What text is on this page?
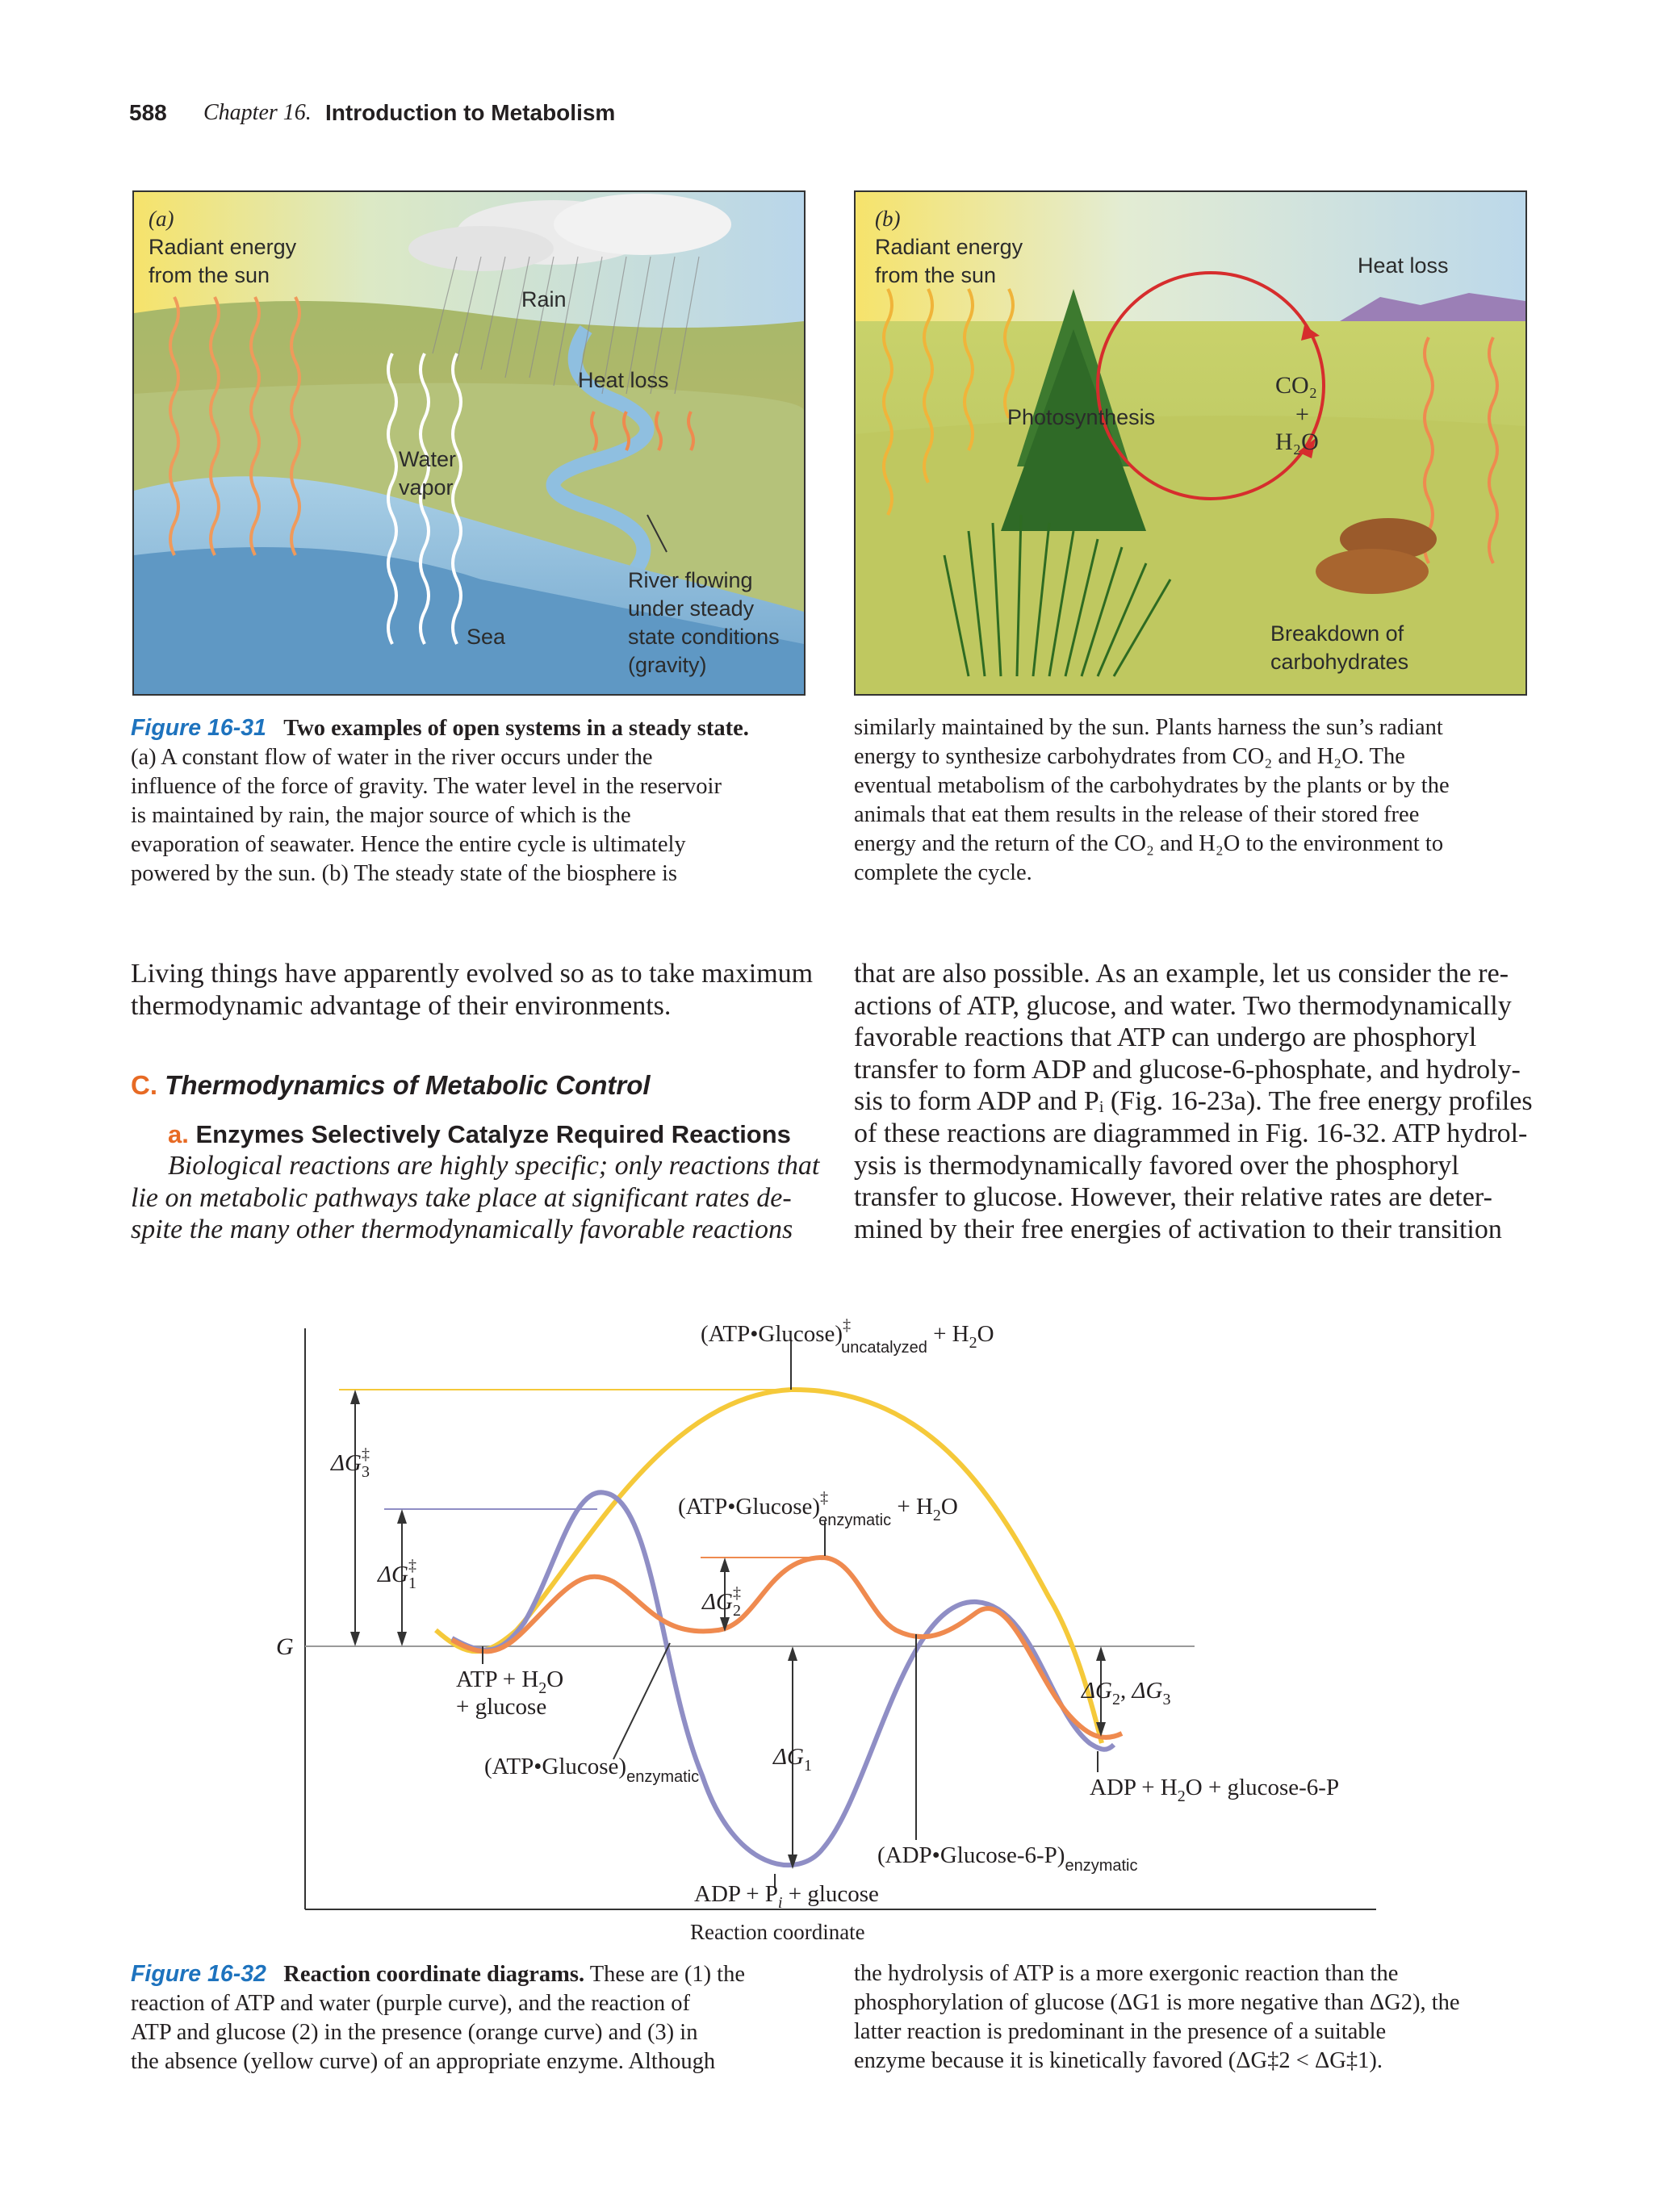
588 Chapter 16. Introduction to Metabolism
(a)
Radiant energy
from the sun
Rain
Heat loss
Water
vapor
River flowing
under steady
state conditions
(gravity)
Sea
(b)
Radiant energy
from the sun	Heat loss
Photosynthesis
CO₂
+
H₂O
Breakdown of
carbohydrates
Figure 16-31 Two examples of open systems in a steady state.
(a) A constant flow of water in the river occurs under the
influence of the force of gravity. The water level in the reservoir
is maintained by rain, the major source of which is the
evaporation of seawater. Hence the entire cycle is ultimately
powered by the sun. (b) The steady state of the biosphere is
similarly maintained by the sun. Plants harness the sun’s radiant
energy to synthesize carbohydrates from CO₂ and H₂O. The
eventual metabolism of the carbohydrates by the plants or by the
animals that eat them results in the release of their stored free
energy and the return of the CO₂ and H₂O to the environment to
complete the cycle.
Living things have apparently evolved so as to take maximum
thermodynamic advantage of their environments.
C. Thermodynamics of Metabolic Control
a. Enzymes Selectively Catalyze Required Reactions
Biological reactions are highly specific; only reactions that
lie on metabolic pathways take place at significant rates de-
spite the many other thermodynamically favorable reactions
that are also possible. As an example, let us consider the re-
actions of ATP, glucose, and water. Two thermodynamically
favorable reactions that ATP can undergo are phosphoryl
transfer to form ADP and glucose-6-phosphate, and hydroly-
sis to form ADP and Pᵢ (Fig. 16-23a). The free energy profiles
of these reactions are diagrammed in Fig. 16-32. ATP hydrol-
ysis is thermodynamically favored over the phosphoryl
transfer to glucose. However, their relative rates are deter-
mined by their free energies of activation to their transition
(ATP•Glucose)‡ uncatalyzed + $H_2O$
(ATP•Glucose)‡ enzymatic + $H_2O$
ΔG‡ 3
ΔG‡ 1
ΔG‡ 2
G
ATP + $H_2O$
+ glucose
$(ATP•Glucose)_{enzymatic}$
$\Delta G_1$
$\Delta G_2$, $\Delta G_3$
ADP + $H_2O + glucose-6-P$
$(ADP•Glucose-6-P)_{enzymatic}$
ADP + $P_i + glucose$
Reaction coordinate
Figure 16-32 Reaction coordinate diagrams. These are (1) the
reaction of ATP and water (purple curve), and the reaction of
ATP and glucose (2) in the presence (orange curve) and (3) in
the absence (yellow curve) of an appropriate enzyme. Although
the hydrolysis of ATP is a more exergonic reaction than the
phosphorylation of glucose (ΔG1 is more negative than ΔG2), the
latter reaction is predominant in the presence of a suitable
enzyme because it is kinetically favored (ΔG‡2 < ΔG‡1).
